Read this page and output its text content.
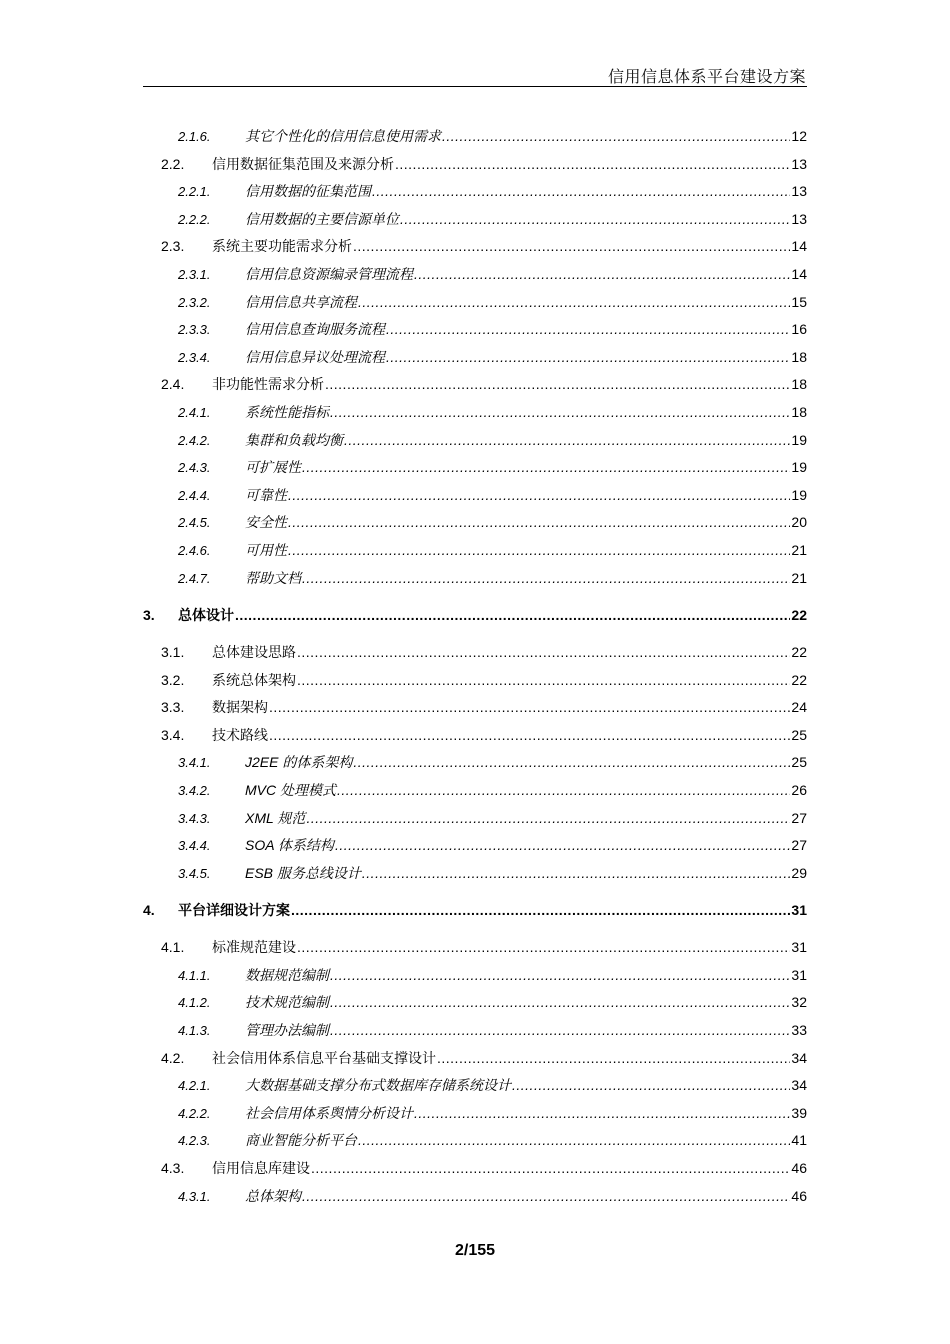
信用信息体系平台建设方案
2.1.6.	其它个性化的信用信息使用需求 .....	12
2.2.	信用数据征集范围及来源分析 .....	13
2.2.1.	信用数据的征集范围 .....	13
2.2.2.	信用数据的主要信源单位 .....	13
2.3.	系统主要功能需求分析 .....	14
2.3.1.	信用信息资源编录管理流程 .....	14
2.3.2.	信用信息共享流程 .....	15
2.3.3.	信用信息查询服务流程 .....	16
2.3.4.	信用信息异议处理流程 .....	18
2.4.	非功能性需求分析 .....	18
2.4.1.	系统性能指标 .....	18
2.4.2.	集群和负载均衡 .....	19
2.4.3.	可扩展性 .....	19
2.4.4.	可靠性 .....	19
2.4.5.	安全性 .....	20
2.4.6.	可用性 .....	21
2.4.7.	帮助文档 .....	21
3.	总体设计 .....	22
3.1.	总体建设思路 .....	22
3.2.	系统总体架构 .....	22
3.3.	数据架构 .....	24
3.4.	技术路线 .....	25
3.4.1.	J2EE 的体系架构 .....	25
3.4.2.	MVC 处理模式 .....	26
3.4.3.	XML 规范 .....	27
3.4.4.	SOA 体系结构 .....	27
3.4.5.	ESB 服务总线设计 .....	29
4.	平台详细设计方案 .....	31
4.1.	标准规范建设 .....	31
4.1.1.	数据规范编制 .....	31
4.1.2.	技术规范编制 .....	32
4.1.3.	管理办法编制 .....	33
4.2.	社会信用体系信息平台基础支撑设计 .....	34
4.2.1.	大数据基础支撑分布式数据库存储系统设计 .....	34
4.2.2.	社会信用体系舆情分析设计 .....	39
4.2.3.	商业智能分析平台 .....	41
4.3.	信用信息库建设 .....	46
4.3.1.	总体架构 .....	46
2/155
